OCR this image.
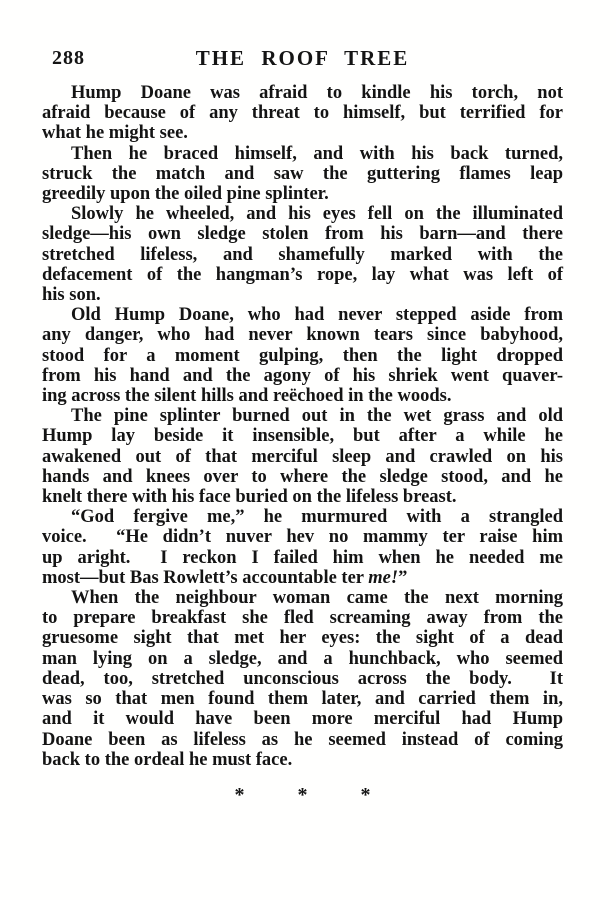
288	THE ROOF TREE
Hump Doane was afraid to kindle his torch, not
afraid because of any threat to himself, but terrified for
what he might see.
Then he braced himself, and with his back turned,
struck the match and saw the guttering flames leap
greedily upon the oiled pine splinter.
Slowly he wheeled, and his eyes fell on the illuminated
sledge—his own sledge stolen from his barn—and there
stretched lifeless, and shamefully marked with the
defacement of the hangman’s rope, lay what was left of
his son.
Old Hump Doane, who had never stepped aside from
any danger, who had never known tears since babyhood,
stood for a moment gulping, then the light dropped
from his hand and the agony of his shriek went quaver-
ing across the silent hills and reëchoed in the woods.
The pine splinter burned out in the wet grass and old
Hump lay beside it insensible, but after a while he
awakened out of that merciful sleep and crawled on his
hands and knees over to where the sledge stood, and he
knelt there with his face buried on the lifeless breast.
“God fergive me,” he murmured with a strangled
voice.  “He didn’t nuver hev no mammy ter raise him
up aright.  I reckon I failed him when he needed me
most—but Bas Rowlett’s accountable ter me!”
When the neighbour woman came the next morning
to prepare breakfast she fled screaming away from the
gruesome sight that met her eyes: the sight of a dead
man lying on a sledge, and a hunchback, who seemed
dead, too, stretched unconscious across the body.  It
was so that men found them later, and carried them in,
and it would have been more merciful had Hump
Doane been as lifeless as he seemed instead of coming
back to the ordeal he must face.
*	*	*
